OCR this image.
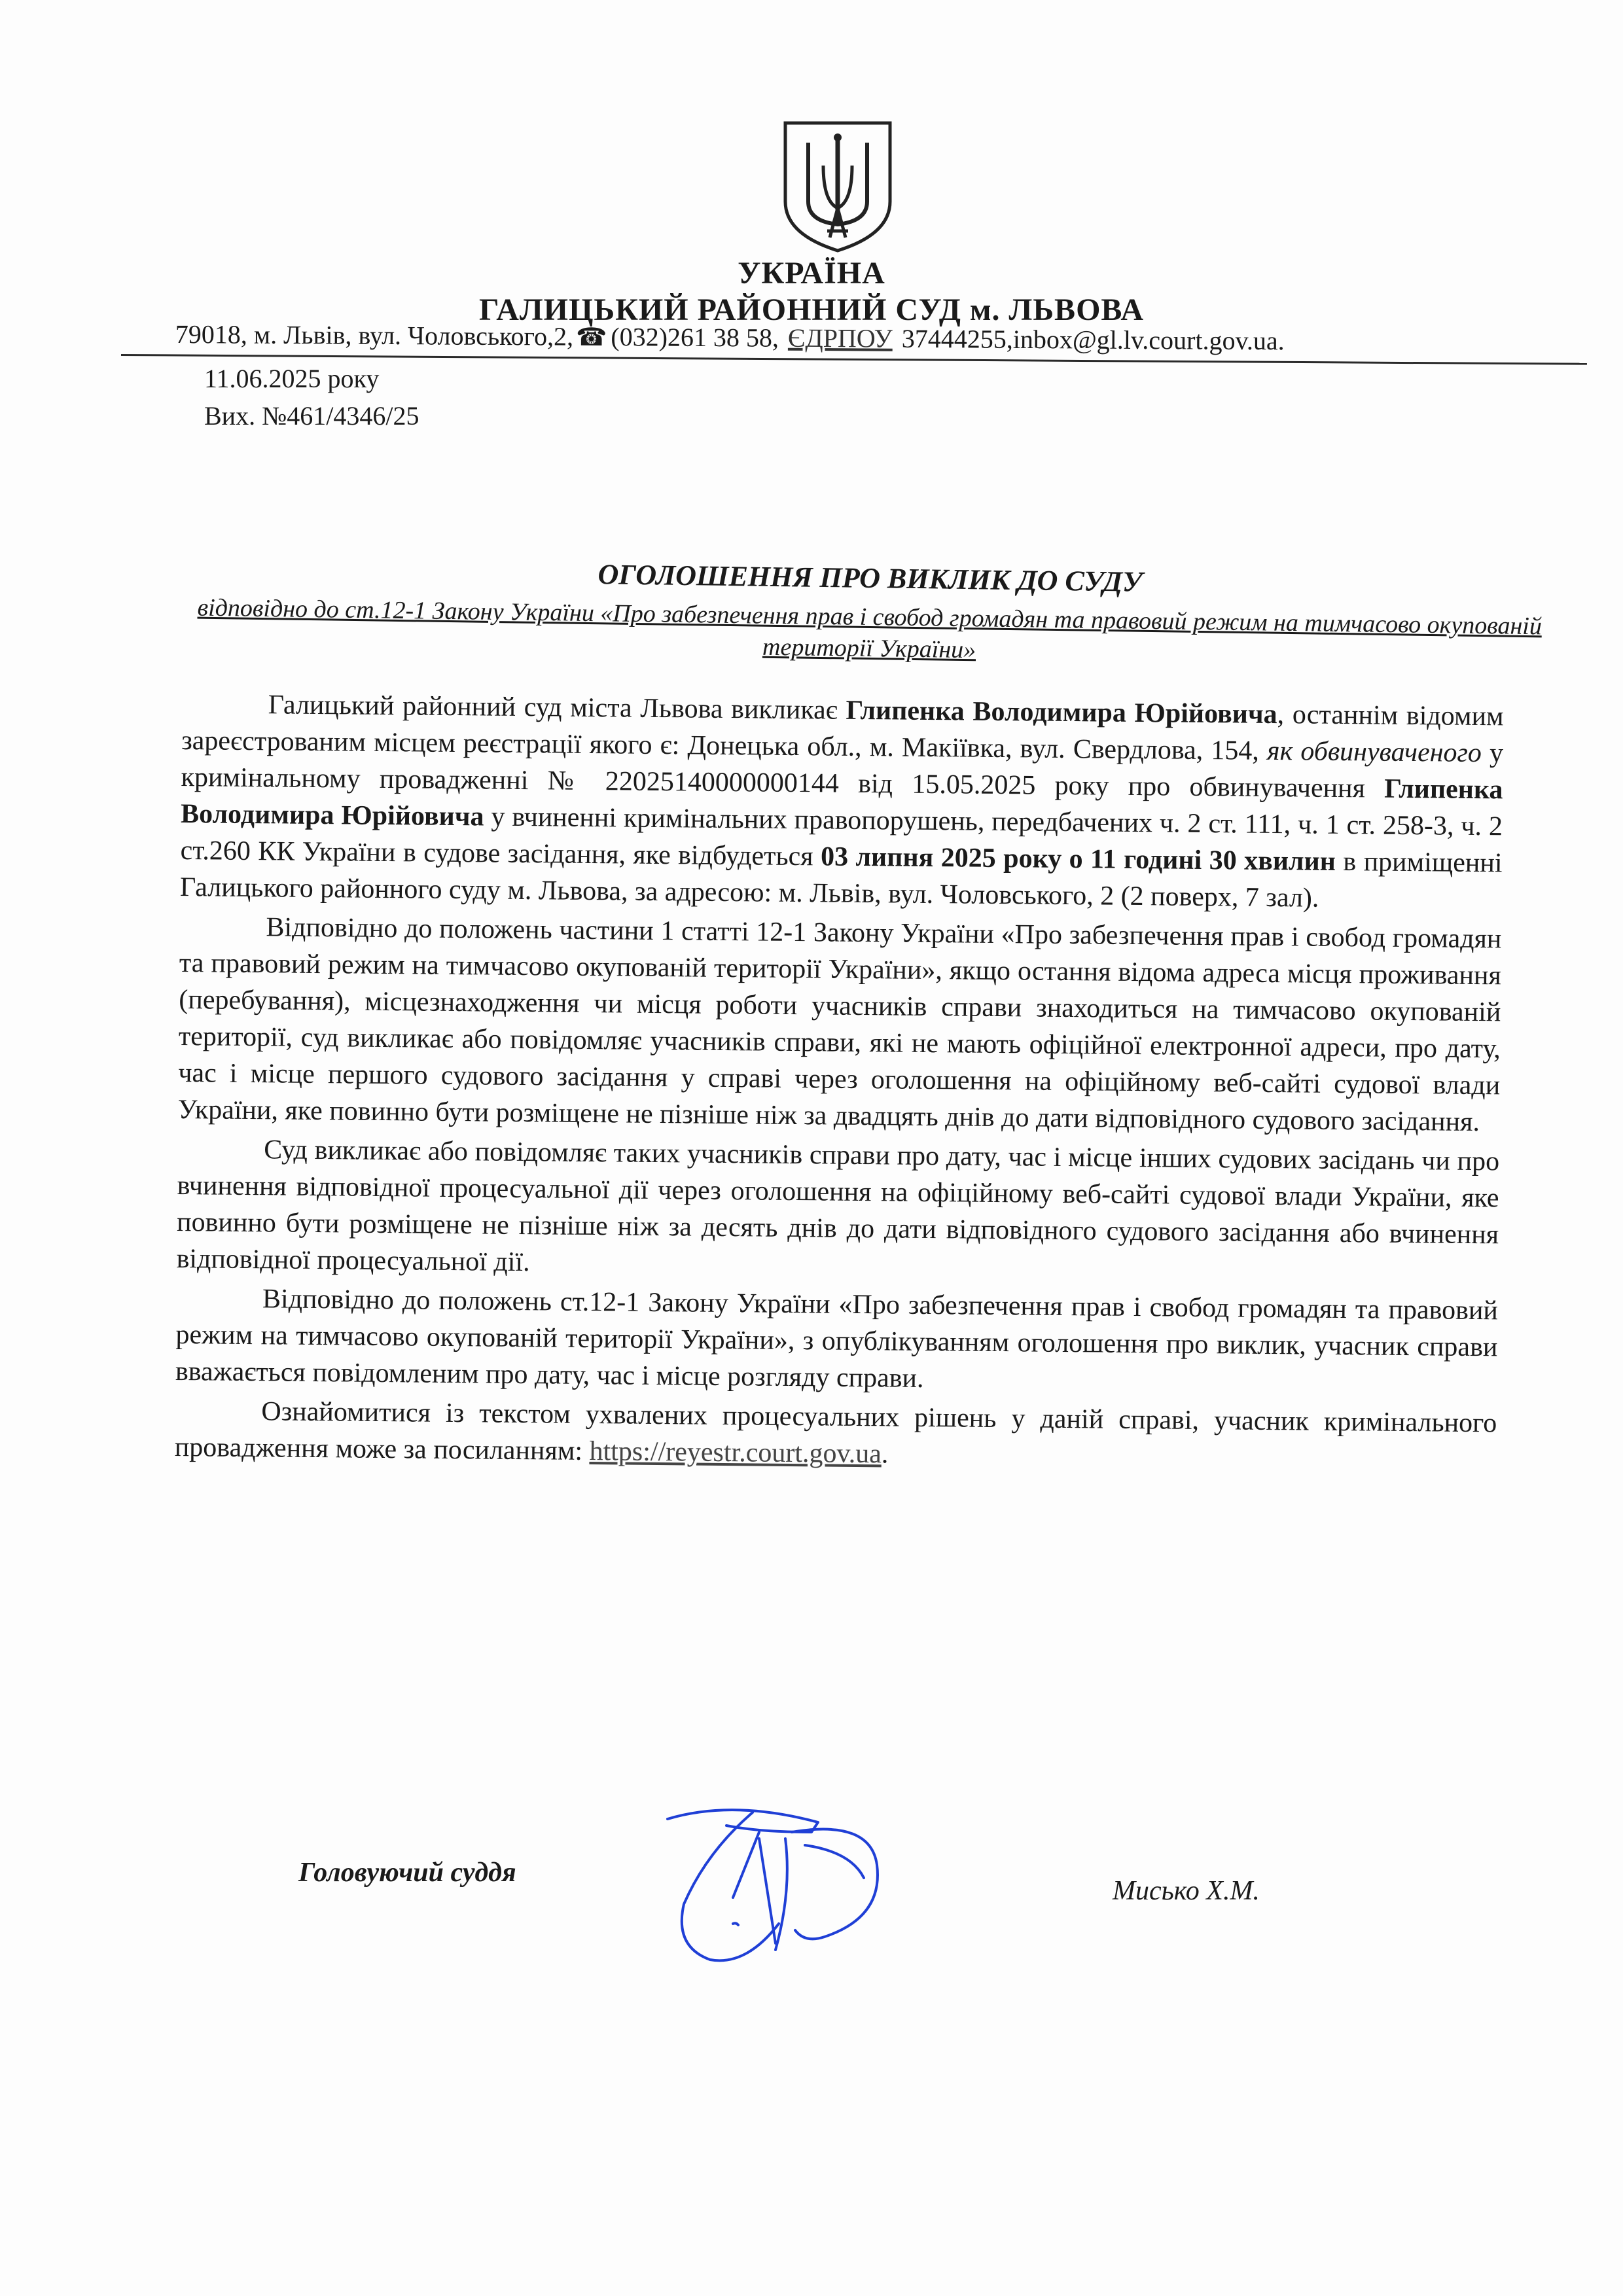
УКРАЇНА
ГАЛИЦЬКИЙ РАЙОННИЙ СУД м. ЛЬВОВА
79018, м. Львів, вул. Чоловського,2,☎ (032)261 38 58, ЄДРПОУ 37444255,inbox@gl.lv.court.gov.ua.
11.06.2025 року
Вих. №461/4346/25

ОГОЛОШЕННЯ ПРО ВИКЛИК ДО СУДУ

відповідно до ст.12-1 Закону України «Про забезпечення прав і свобод громадян та правовий режим на тимчасово окупованій території України»

Галицький районний суд міста Львова викликає Глипенка Володимира Юрійовича, останнім відомим зареєстрованим місцем реєстрації якого є: Донецька обл., м. Макіївка, вул. Свердлова, 154, як обвинуваченого у кримінальному провадженні № 22025140000000144 від 15.05.2025 року про обвинувачення Глипенка Володимира Юрійовича у вчиненні кримінальних правопорушень, передбачених ч. 2 ст. 111, ч. 1 ст. 258-3, ч. 2 ст.260 КК України в судове засідання, яке відбудеться 03 липня 2025 року о 11 годині 30 хвилин в приміщенні Галицького районного суду м. Львова, за адресою: м. Львів, вул. Чоловського, 2 (2 поверх, 7 зал).

Відповідно до положень частини 1 статті 12-1 Закону України «Про забезпечення прав і свобод громадян та правовий режим на тимчасово окупованій території України», якщо остання відома адреса місця проживання (перебування), місцезнаходження чи місця роботи учасників справи знаходиться на тимчасово окупованій території, суд викликає або повідомляє учасників справи, які не мають офіційної електронної адреси, про дату, час і місце першого судового засідання у справі через оголошення на офіційному веб-сайті судової влади України, яке повинно бути розміщене не пізніше ніж за двадцять днів до дати відповідного судового засідання.

Суд викликає або повідомляє таких учасників справи про дату, час і місце інших судових засідань чи про вчинення відповідної процесуальної дії через оголошення на офіційному веб-сайті судової влади України, яке повинно бути розміщене не пізніше ніж за десять днів до дати відповідного судового засідання або вчинення відповідної процесуальної дії.

Відповідно до положень ст.12-1 Закону України «Про забезпечення прав і свобод громадян та правовий режим на тимчасово окупованій території України», з опублікуванням оголошення про виклик, учасник справи вважається повідомленим про дату, час і місце розгляду справи.

Ознайомитися із текстом ухвалених процесуальних рішень у даній справі, учасник кримінального провадження може за посиланням: https://reyestr.court.gov.ua.

Головуючий суддя
Мисько Х.М.
